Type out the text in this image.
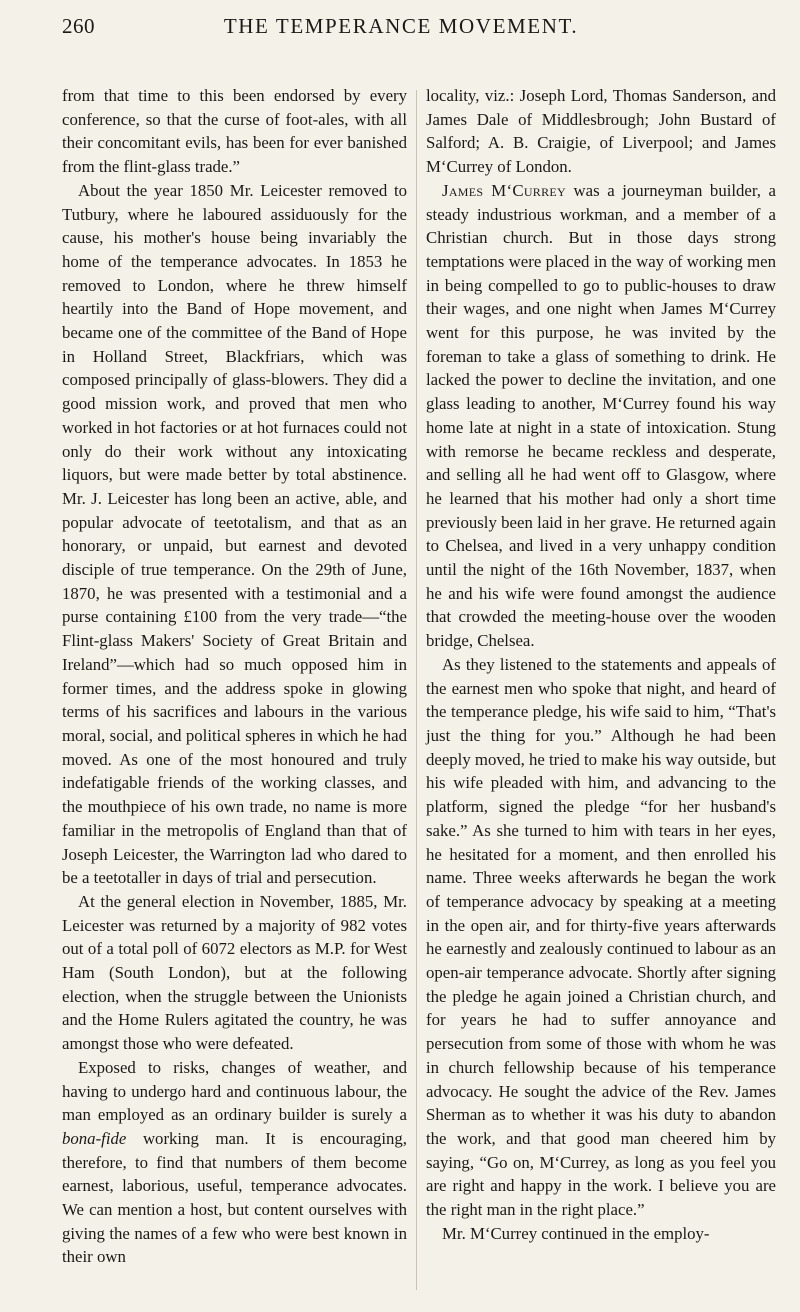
260	THE TEMPERANCE MOVEMENT.

from that time to this been endorsed by every conference, so that the curse of foot-ales, with all their concomitant evils, has been for ever banished from the flint-glass trade.”

About the year 1850 Mr. Leicester removed to Tutbury, where he laboured assiduously for the cause, his mother's house being invariably the home of the temperance advocates. In 1853 he removed to London, where he threw himself heartily into the Band of Hope movement, and became one of the committee of the Band of Hope in Holland Street, Blackfriars, which was composed principally of glass-blowers. They did a good mission work, and proved that men who worked in hot factories or at hot furnaces could not only do their work without any intoxicating liquors, but were made better by total abstinence. Mr. J. Leicester has long been an active, able, and popular advocate of teetotalism, and that as an honorary, or unpaid, but earnest and devoted disciple of true temperance. On the 29th of June, 1870, he was presented with a testimonial and a purse containing £100 from the very trade—“the Flint-glass Makers' Society of Great Britain and Ireland”—which had so much opposed him in former times, and the address spoke in glowing terms of his sacrifices and labours in the various moral, social, and political spheres in which he had moved. As one of the most honoured and truly indefatigable friends of the working classes, and the mouthpiece of his own trade, no name is more familiar in the metropolis of England than that of Joseph Leicester, the Warrington lad who dared to be a teetotaller in days of trial and persecution.

At the general election in November, 1885, Mr. Leicester was returned by a majority of 982 votes out of a total poll of 6072 electors as M.P. for West Ham (South London), but at the following election, when the struggle between the Unionists and the Home Rulers agitated the country, he was amongst those who were defeated.

Exposed to risks, changes of weather, and having to undergo hard and continuous labour, the man employed as an ordinary builder is surely a bona-fide working man. It is encouraging, therefore, to find that numbers of them become earnest, laborious, useful, temperance advocates. We can mention a host, but content ourselves with giving the names of a few who were best known in their own

locality, viz.: Joseph Lord, Thomas Sanderson, and James Dale of Middlesbrough; John Bustard of Salford; A. B. Craigie, of Liverpool; and James M‘Currey of London.

James M‘Currey was a journeyman builder, a steady industrious workman, and a member of a Christian church. But in those days strong temptations were placed in the way of working men in being compelled to go to public-houses to draw their wages, and one night when James M‘Currey went for this purpose, he was invited by the foreman to take a glass of something to drink. He lacked the power to decline the invitation, and one glass leading to another, M‘Currey found his way home late at night in a state of intoxication. Stung with remorse he became reckless and desperate, and selling all he had went off to Glasgow, where he learned that his mother had only a short time previously been laid in her grave. He returned again to Chelsea, and lived in a very unhappy condition until the night of the 16th November, 1837, when he and his wife were found amongst the audience that crowded the meeting-house over the wooden bridge, Chelsea.

As they listened to the statements and appeals of the earnest men who spoke that night, and heard of the temperance pledge, his wife said to him, “That's just the thing for you.” Although he had been deeply moved, he tried to make his way outside, but his wife pleaded with him, and advancing to the platform, signed the pledge “for her husband's sake.” As she turned to him with tears in her eyes, he hesitated for a moment, and then enrolled his name. Three weeks afterwards he began the work of temperance advocacy by speaking at a meeting in the open air, and for thirty-five years afterwards he earnestly and zealously continued to labour as an open-air temperance advocate. Shortly after signing the pledge he again joined a Christian church, and for years he had to suffer annoyance and persecution from some of those with whom he was in church fellowship because of his temperance advocacy. He sought the advice of the Rev. James Sherman as to whether it was his duty to abandon the work, and that good man cheered him by saying, “Go on, M‘Currey, as long as you feel you are right and happy in the work. I believe you are the right man in the right place.”

Mr. M‘Currey continued in the employ-
